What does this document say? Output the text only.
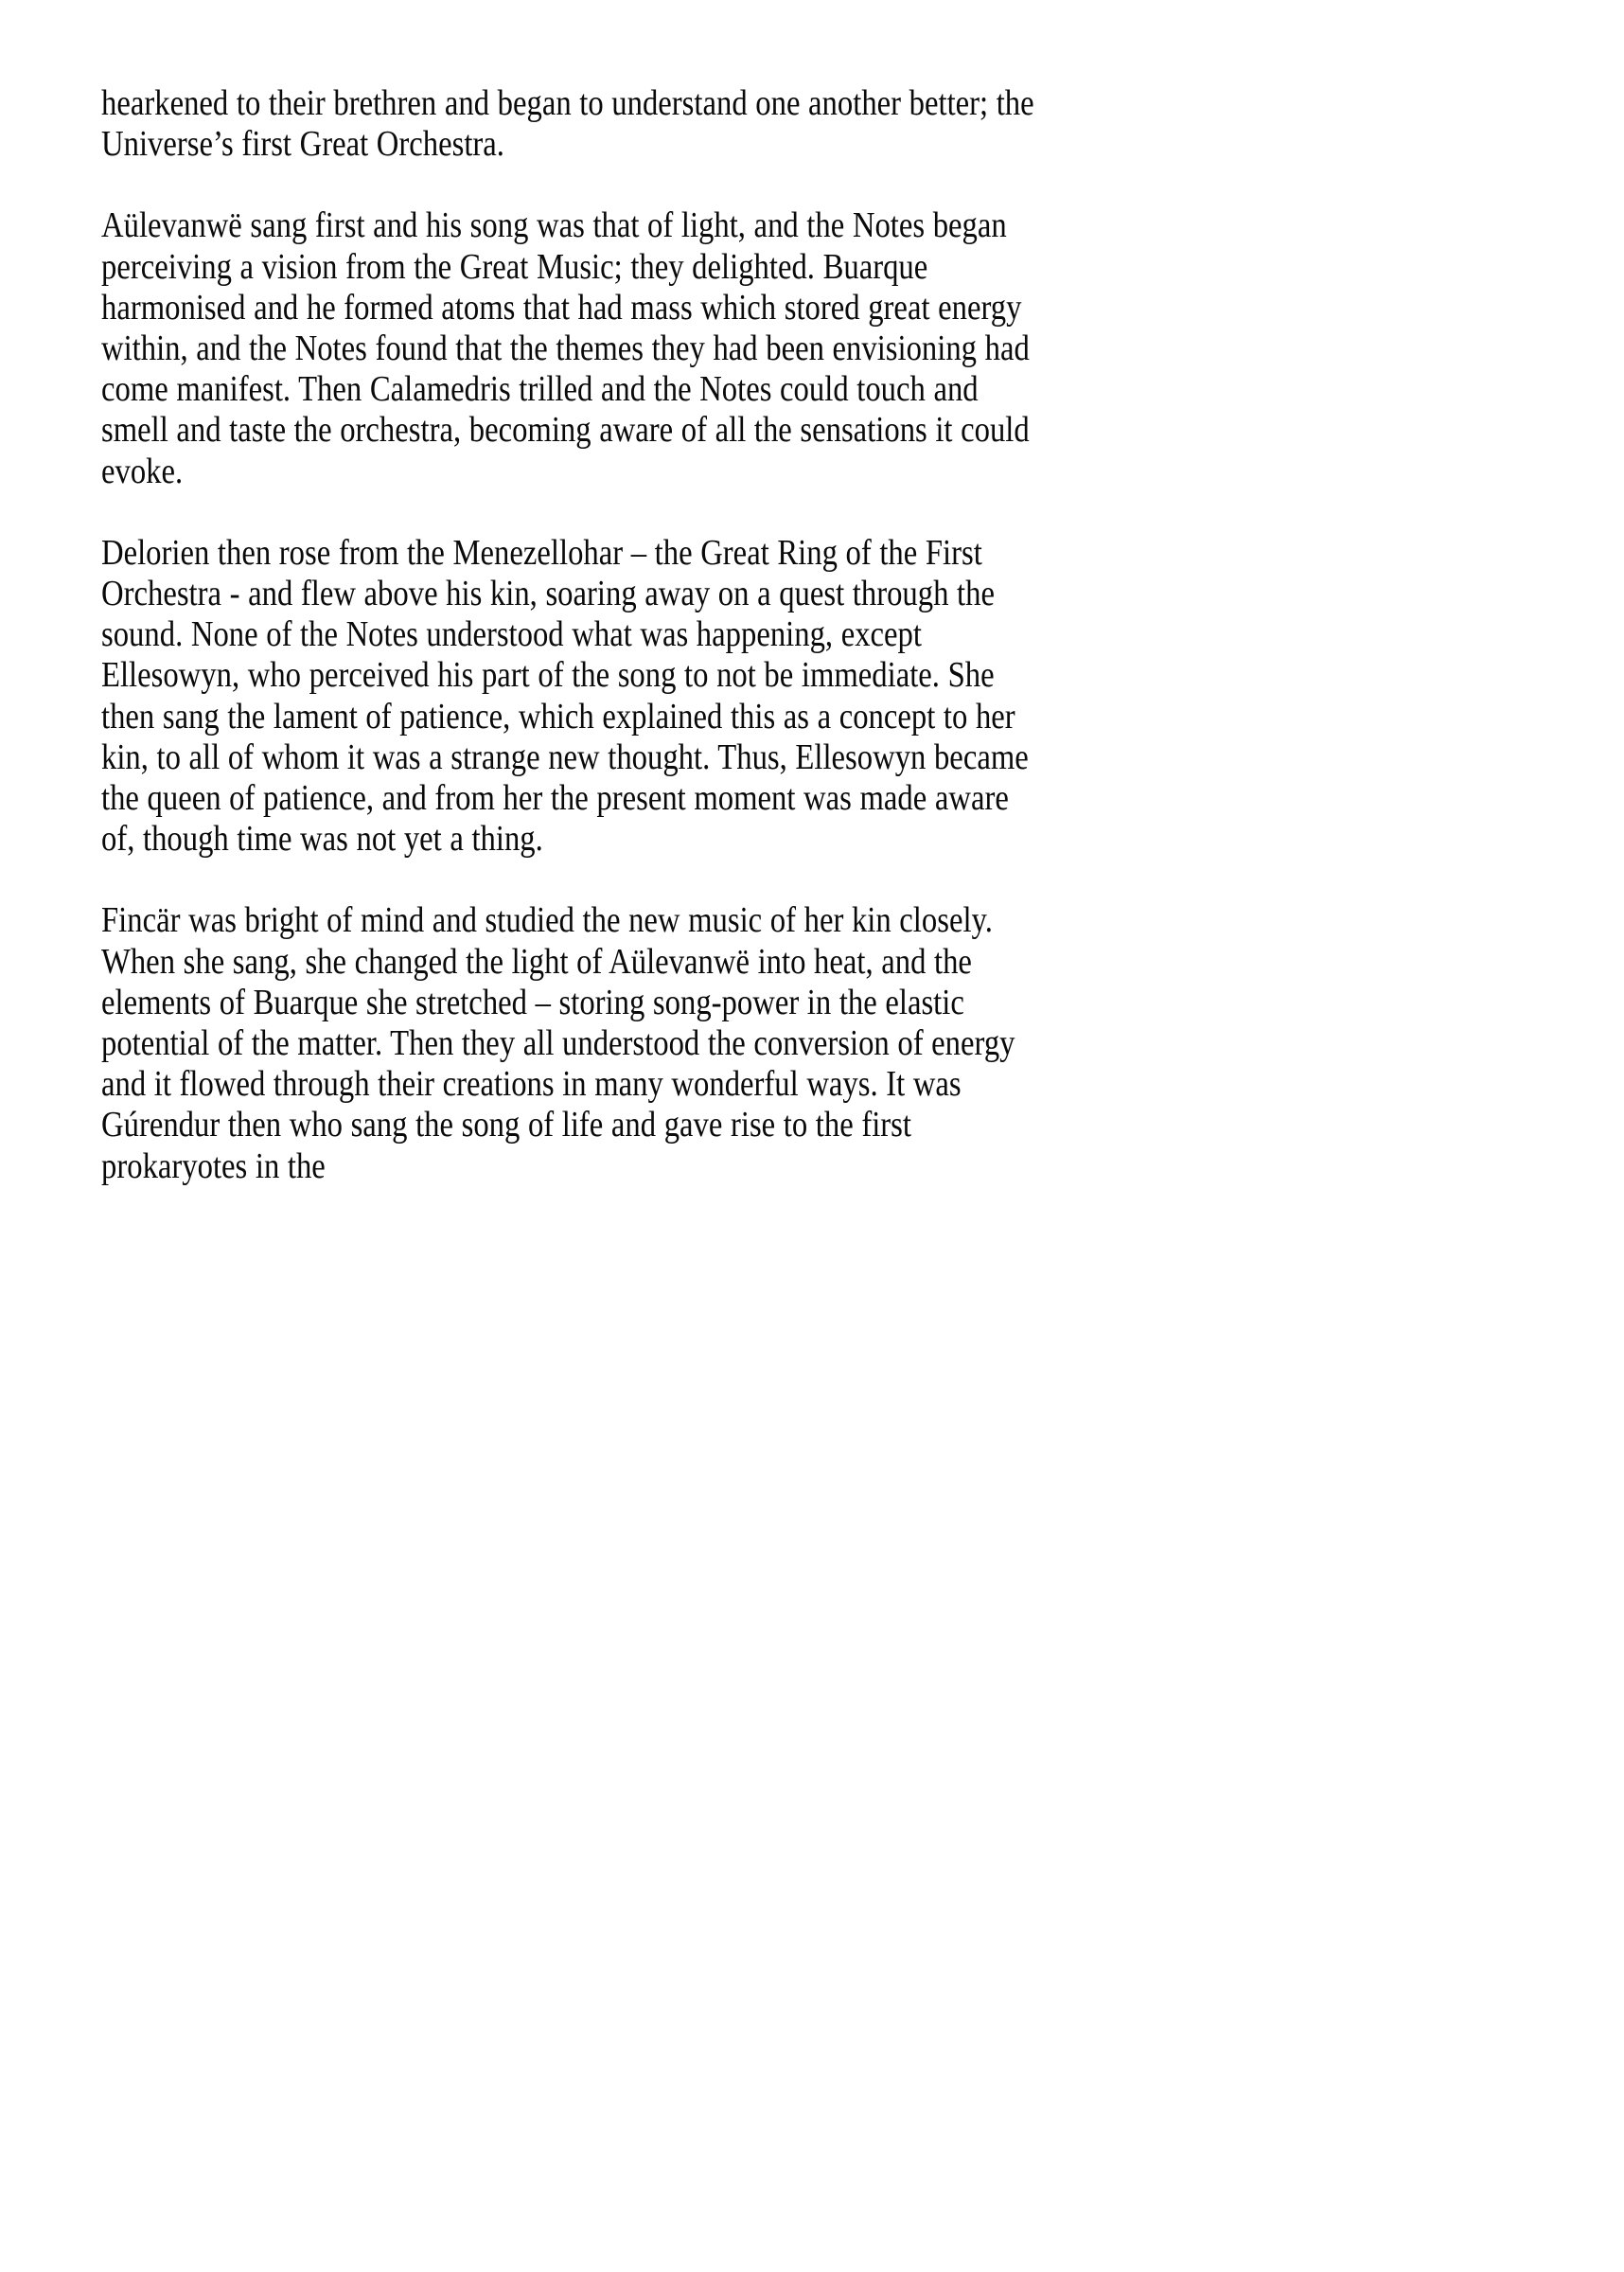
hearkened to their brethren and began to understand one another better; the Universe’s first Great Orchestra.

Aülevanwë sang first and his song was that of light, and the Notes began perceiving a vision from the Great Music; they delighted. Buarque harmonised and he formed atoms that had mass which stored great energy within, and the Notes found that the themes they had been envisioning had come manifest. Then Calamedris trilled and the Notes could touch and smell and taste the orchestra, becoming aware of all the sensations it could evoke.

Delorien then rose from the Menezellohar – the Great Ring of the First Orchestra - and flew above his kin, soaring away on a quest through the sound. None of the Notes understood what was happening, except Ellesowyn, who perceived his part of the song to not be immediate. She then sang the lament of patience, which explained this as a concept to her kin, to all of whom it was a strange new thought. Thus, Ellesowyn became the queen of patience, and from her the present moment was made aware of, though time was not yet a thing.

Fincär was bright of mind and studied the new music of her kin closely. When she sang, she changed the light of Aülevanwë into heat, and the elements of Buarque she stretched – storing song-power in the elastic potential of the matter. Then they all understood the conversion of energy and it flowed through their creations in many wonderful ways. It was Gúrendur then who sang the song of life and gave rise to the first prokaryotes in the
